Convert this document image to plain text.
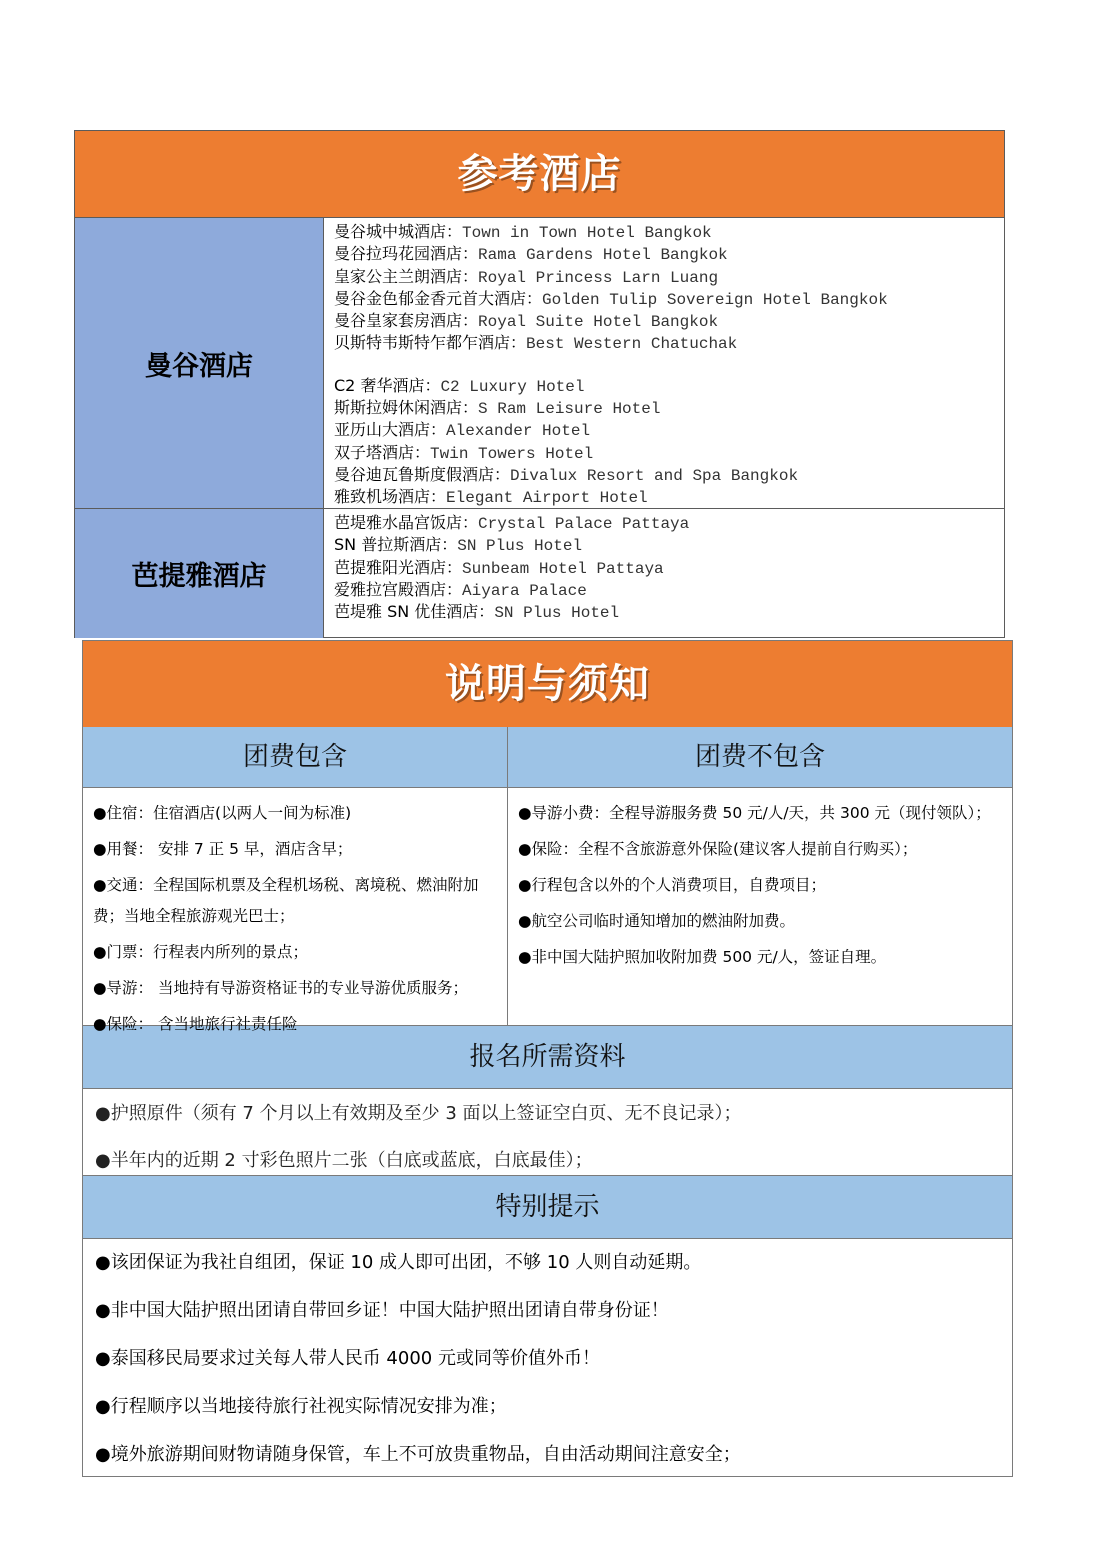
参考酒店
曼谷酒店
曼谷城中城酒店：Town in Town Hotel Bangkok
曼谷拉玛花园酒店：Rama Gardens Hotel Bangkok
皇家公主兰朗酒店：Royal Princess Larn Luang
曼谷金色郁金香元首大酒店：Golden Tulip Sovereign Hotel Bangkok
曼谷皇家套房酒店：Royal Suite Hotel Bangkok
贝斯特韦斯特乍都乍酒店：Best Western Chatuchak
C2 奢华酒店：C2 Luxury Hotel
斯斯拉姆休闲酒店：S Ram Leisure Hotel
亚历山大酒店：Alexander Hotel
双子塔酒店：Twin Towers Hotel
曼谷迪瓦鲁斯度假酒店：Divalux Resort and Spa Bangkok
雅致机场酒店：Elegant Airport Hotel
芭提雅酒店
芭堤雅水晶宫饭店：Crystal Palace Pattaya
SN 普拉斯酒店：SN Plus Hotel
芭提雅阳光酒店：Sunbeam Hotel Pattaya
爱雅拉宫殿酒店：Aiyara Palace
芭堤雅 SN 优佳酒店：SN Plus Hotel
说明与须知
团费包含
●住宿：住宿酒店(以两人一间为标准)
●用餐： 安排 7 正 5 早，酒店含早；
●交通：全程国际机票及全程机场税、离境税、燃油附加费；当地全程旅游观光巴士；
●门票：行程表内所列的景点；
●导游： 当地持有导游资格证书的专业导游优质服务；
●保险： 含当地旅行社责任险
团费不包含
●导游小费：全程导游服务费 50 元/人/天，共 300 元（现付领队）；
●保险：全程不含旅游意外保险(建议客人提前自行购买）；
●行程包含以外的个人消费项目，自费项目；
●航空公司临时通知增加的燃油附加费。
●非中国大陆护照加收附加费 500 元/人，签证自理。
报名所需资料
●护照原件（须有 7 个月以上有效期及至少 3 面以上签证空白页、无不良记录）；
●半年内的近期 2 寸彩色照片二张（白底或蓝底，白底最佳）；
特别提示
●该团保证为我社自组团，保证 10 成人即可出团，不够 10 人则自动延期。
●非中国大陆护照出团请自带回乡证！中国大陆护照出团请自带身份证！
●泰国移民局要求过关每人带人民币 4000 元或同等价值外币！
●行程顺序以当地接待旅行社视实际情况安排为准；
●境外旅游期间财物请随身保管，车上不可放贵重物品，自由活动期间注意安全；
